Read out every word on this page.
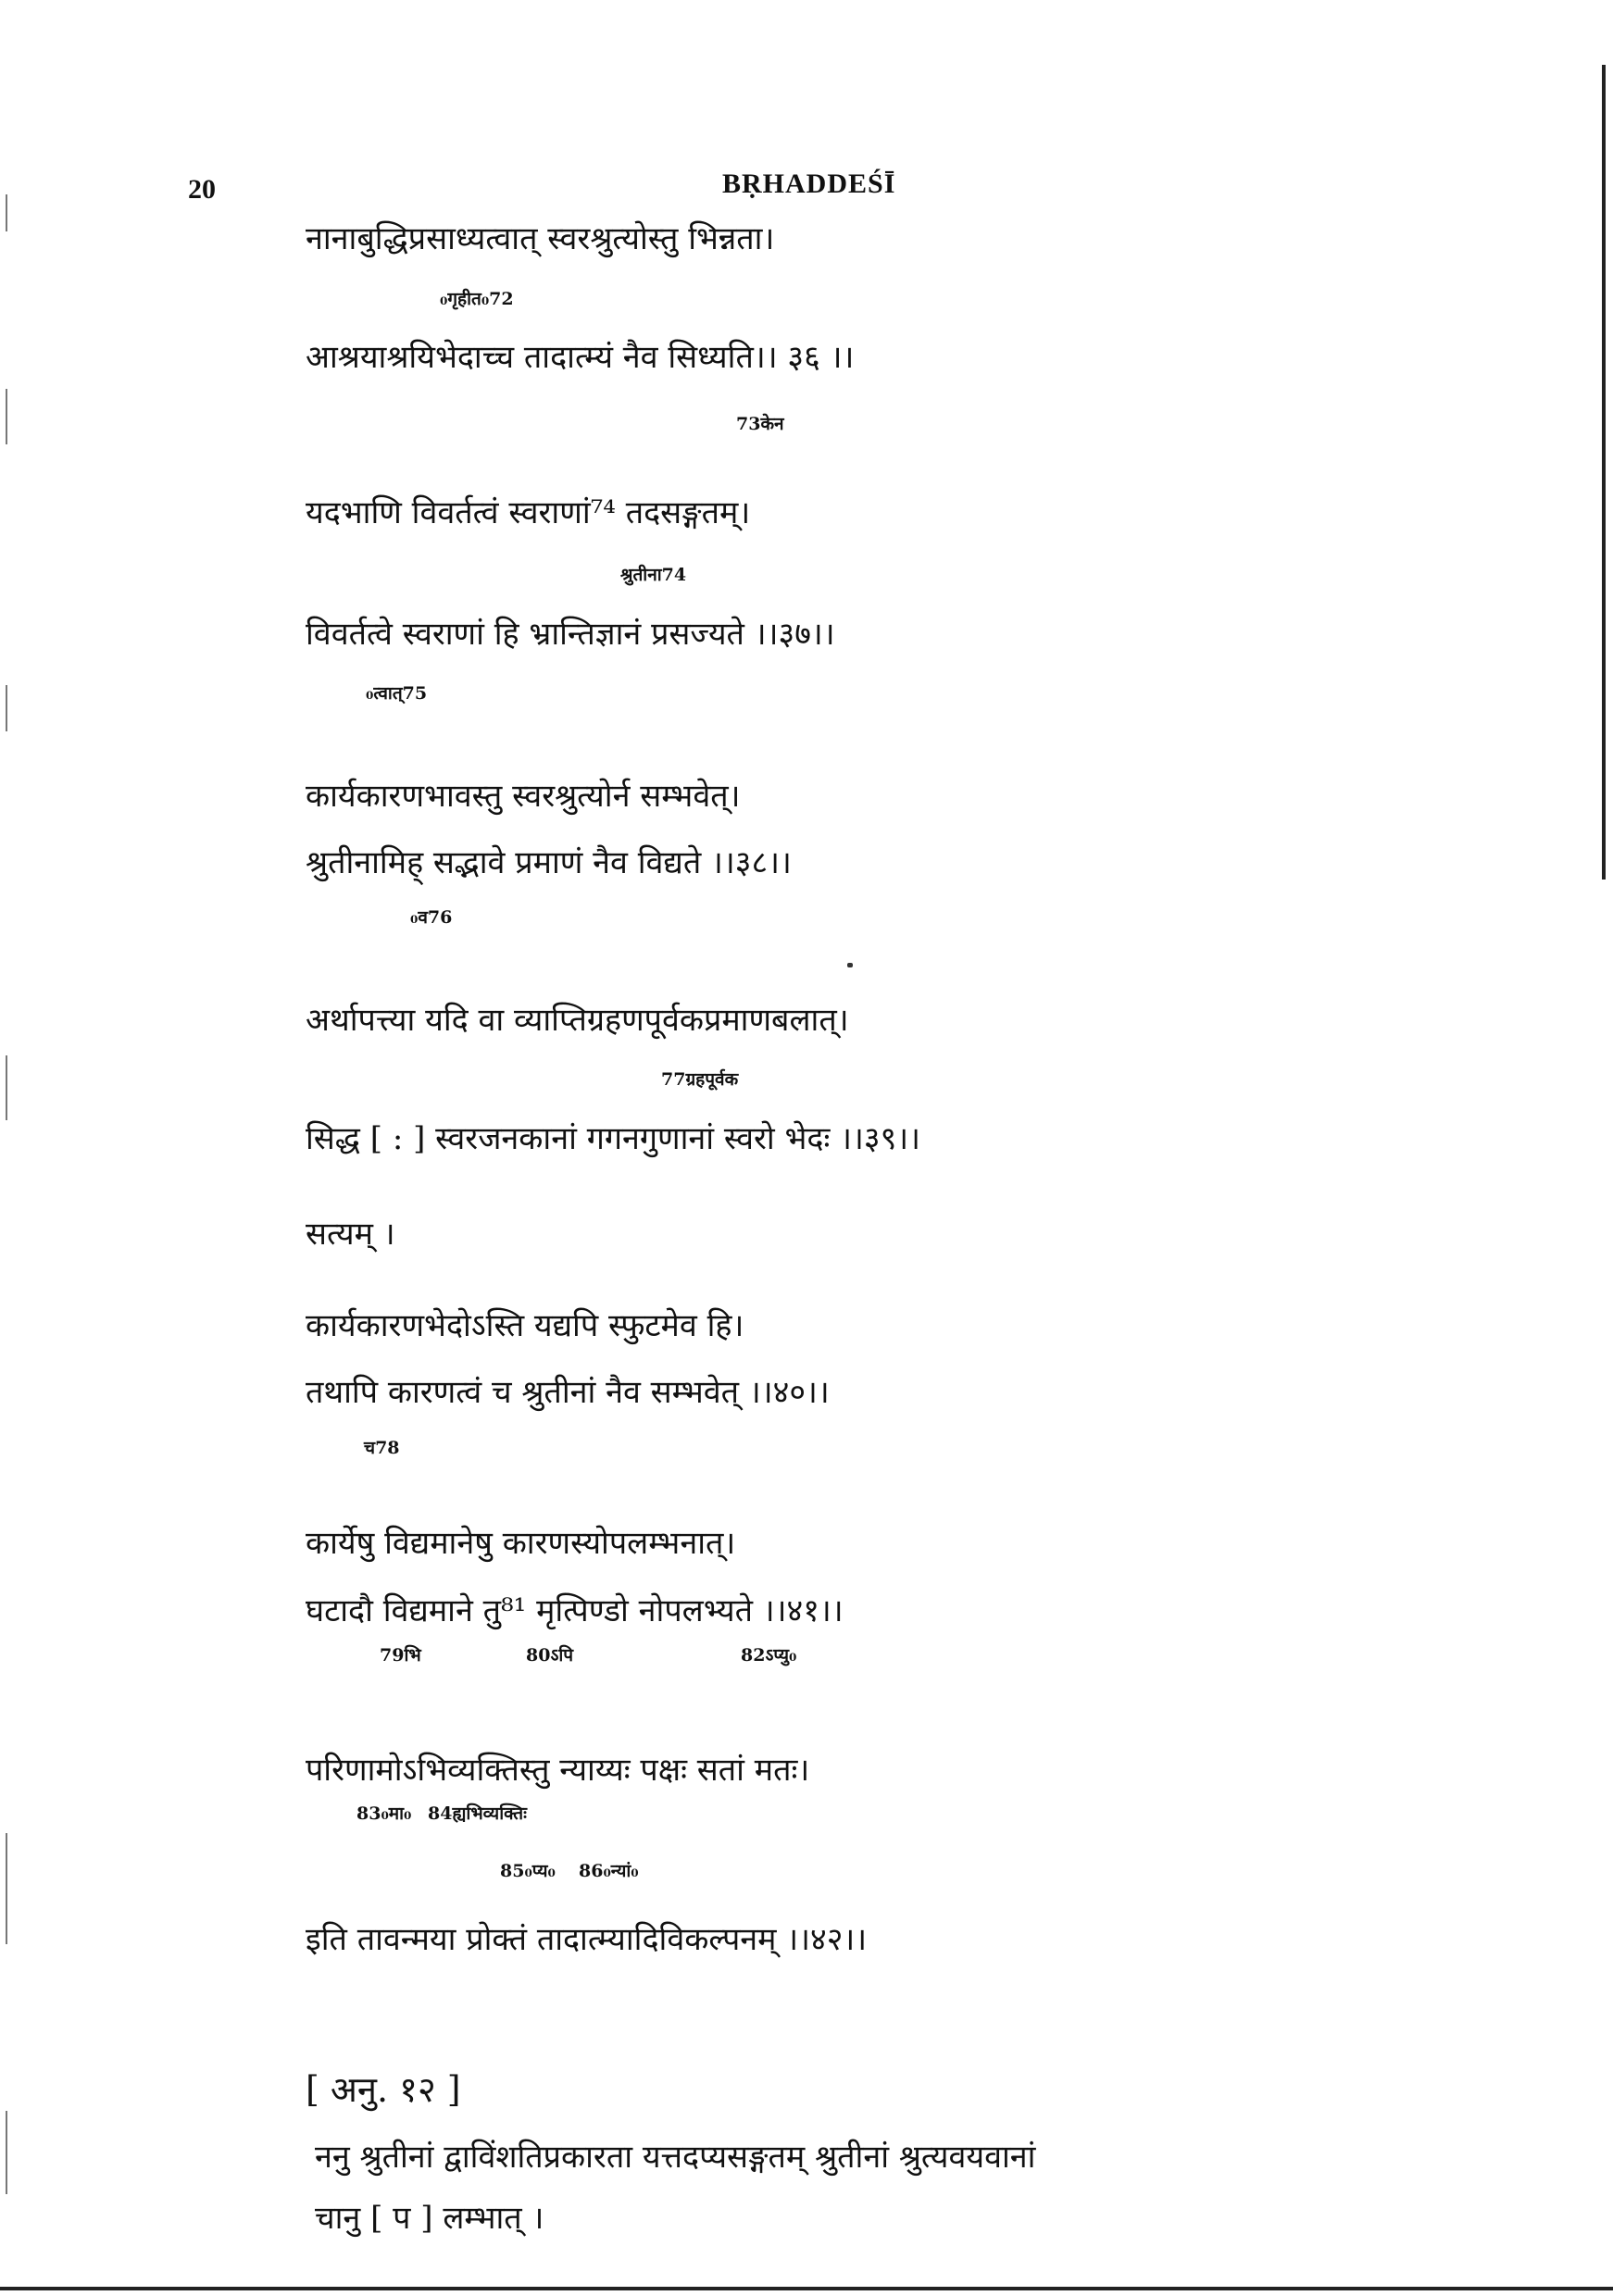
20	BṚHADDEŚĪ
नानाबुद्धिप्रसाध्यत्वात् स्वरश्रुत्योस्तु भिन्नता।
₀गृहीत₀72
आश्रयाश्रयिभेदाच्च तादात्म्यं नैव सिध्यति।। ३६ ।।
73केन
यदभाणि विवर्तत्वं स्वराणां⁷⁴ तदसङ्गतम्।
श्रुतीना74
विवर्तत्वे स्वराणां हि भ्रान्तिज्ञानं प्रसज्यते ।।३७।।
₀त्वात्75
कार्यकारणभावस्तु स्वरश्रुत्योर्न सम्भवेत्।
श्रुतीनामिह् सद्भावे प्रमाणं नैव विद्यते ।।३८।।
₀व76
अर्थापत्त्या यदि वा व्याप्तिग्रहणपूर्वकप्रमाणबलात्।
77ग्रहपूर्वक
सिद्ध [ : ] स्वरजनकानां गगनगुणानां स्वरो भेदः ।।३९।।
सत्यम् ।
कार्यकारणभेदोऽस्ति यद्यपि स्फुटमेव हि।
तथापि कारणत्वं च श्रुतीनां नैव सम्भवेत् ।।४०।।
च78
कार्येषु विद्यमानेषु कारणस्योपलम्भनात्।
घटादौ विद्यमाने तु⁸¹ मृत्पिण्डो नोपलभ्यते ।।४१।।
79भि	80ऽपि	82ऽप्यु₀
परिणामोऽभिव्यक्तिस्तु न्याय्यः पक्षः सतां मतः।
83₀मा₀ 84ह्यभिव्यक्तिः
85₀प्य₀ 86₀न्यां₀
इति तावन्मया प्रोक्तं तादात्म्यादिविकल्पनम् ।।४२।।
[ अनु. १२ ]
ननु श्रुतीनां द्वाविंशतिप्रकारता यत्तदप्यसङ्गतम् श्रुतीनां श्रुत्यवयवानां
चानु [ प ] लम्भात् ।
